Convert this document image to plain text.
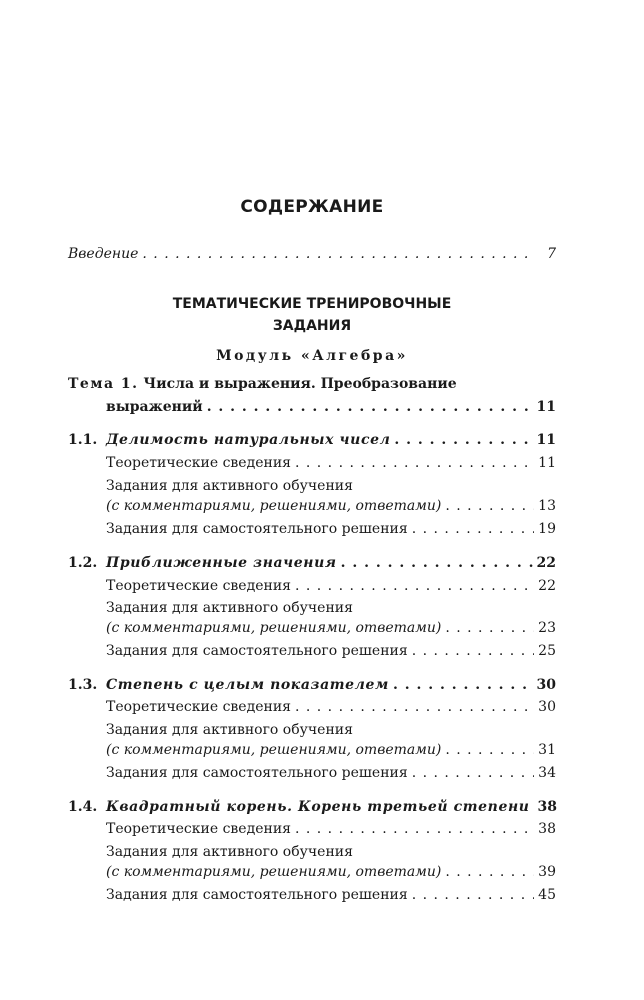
СОДЕРЖАНИЕ
Введение . . .	7
ТЕМАТИЧЕСКИЕ ТРЕНИРОВОЧНЫЕ
ЗАДАНИЯ
Модуль «Алгебра»
Тема 1. Числа и выражения. Преобразование
выражений . . .	11
1.1. Делимость натуральных чисел . . .	11
Теоретические сведения . . .	11
Задания для активного обучения
(с комментариями, решениями, ответами) . . .	13
Задания для самостоятельного решения . . .	19
1.2. Приближенные значения . . .	22
Теоретические сведения . . .	22
Задания для активного обучения
(с комментариями, решениями, ответами) . . .	23
Задания для самостоятельного решения . . .	25
1.3. Степень с целым показателем . . .	30
Теоретические сведения . . .	30
Задания для активного обучения
(с комментариями, решениями, ответами) . . .	31
Задания для самостоятельного решения . . .	34
1.4. Квадратный корень. Корень третьей степени 38
Теоретические сведения . . .	38
Задания для активного обучения
(с комментариями, решениями, ответами) . . .	39
Задания для самостоятельного решения . . .	45
